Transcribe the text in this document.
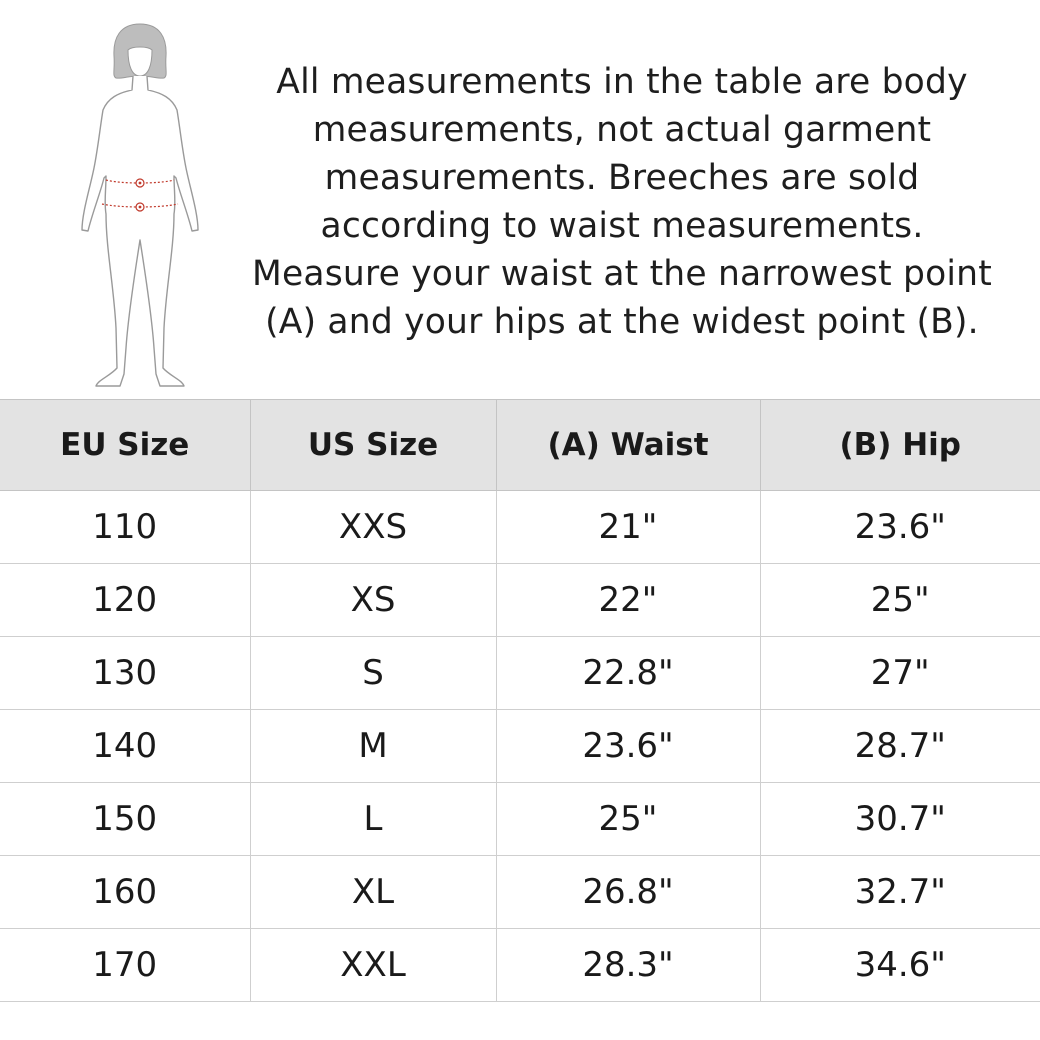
All measurements in the table are body

measurements, not actual garment

measurements. Breeches are sold

according to waist measurements.

Measure your waist at the narrowest point

(A) and your hips at the widest point (B).

EU Size	US Size	(A) Waist	(B) Hip
110	XXS	21"	23.6"
120	XS	22"	25"
130	S	22.8"	27"
140	M	23.6"	28.7"
150	L	25"	30.7"
160	XL	26.8"	32.7"
170	XXL	28.3"	34.6"
